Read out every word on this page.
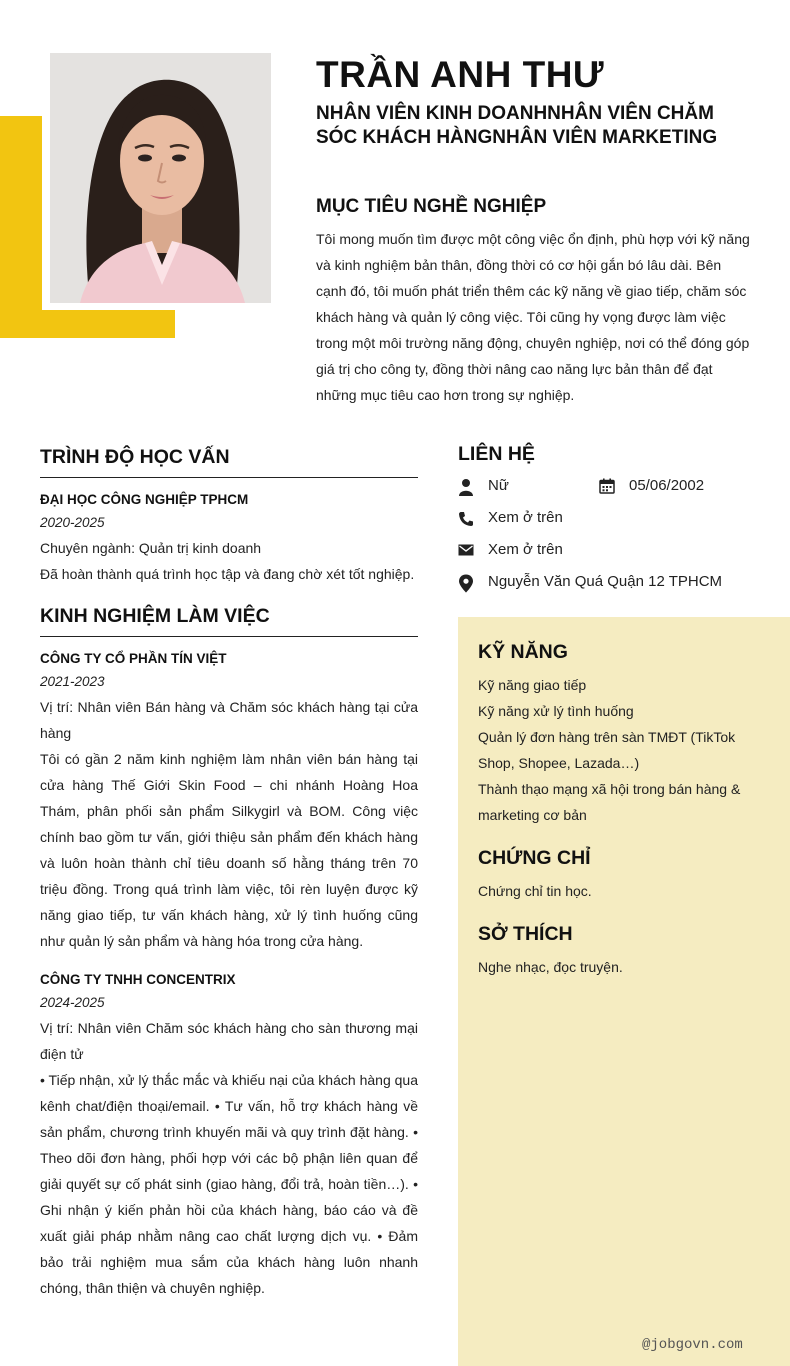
TRẦN ANH THƯ
NHÂN VIÊN KINH DOANHNHÂN VIÊN CHĂM SÓC KHÁCH HÀNGNHÂN VIÊN MARKETING
MỤC TIÊU NGHỀ NGHIỆP
Tôi mong muốn tìm được một công việc ổn định, phù hợp với kỹ năng và kinh nghiệm bản thân, đồng thời có cơ hội gắn bó lâu dài. Bên cạnh đó, tôi muốn phát triển thêm các kỹ năng về giao tiếp, chăm sóc khách hàng và quản lý công việc. Tôi cũng hy vọng được làm việc trong một môi trường năng động, chuyên nghiệp, nơi có thể đóng góp giá trị cho công ty, đồng thời nâng cao năng lực bản thân để đạt những mục tiêu cao hơn trong sự nghiệp.
TRÌNH ĐỘ HỌC VẤN
ĐẠI HỌC CÔNG NGHIỆP TPHCM
2020-2025
Chuyên ngành: Quản trị kinh doanh
Đã hoàn thành quá trình học tập và đang chờ xét tốt nghiệp.
KINH NGHIỆM LÀM VIỆC
CÔNG TY CỔ PHẦN TÍN VIỆT
2021-2023
Vị trí: Nhân viên Bán hàng và Chăm sóc khách hàng tại cửa hàng
Tôi có gần 2 năm kinh nghiệm làm nhân viên bán hàng tại cửa hàng Thế Giới Skin Food – chi nhánh Hoàng Hoa Thám, phân phối sản phẩm Silkygirl và BOM. Công việc chính bao gồm tư vấn, giới thiệu sản phẩm đến khách hàng và luôn hoàn thành chỉ tiêu doanh số hằng tháng trên 70 triệu đồng. Trong quá trình làm việc, tôi rèn luyện được kỹ năng giao tiếp, tư vấn khách hàng, xử lý tình huống cũng như quản lý sản phẩm và hàng hóa trong cửa hàng.
CÔNG TY TNHH CONCENTRIX
2024-2025
Vị trí: Nhân viên Chăm sóc khách hàng cho sàn thương mại điện tử
• Tiếp nhận, xử lý thắc mắc và khiếu nại của khách hàng qua kênh chat/điện thoại/email. • Tư vấn, hỗ trợ khách hàng về sản phẩm, chương trình khuyến mãi và quy trình đặt hàng. • Theo dõi đơn hàng, phối hợp với các bộ phận liên quan để giải quyết sự cố phát sinh (giao hàng, đổi trả, hoàn tiền…). • Ghi nhận ý kiến phản hồi của khách hàng, báo cáo và đề xuất giải pháp nhằm nâng cao chất lượng dịch vụ. • Đảm bảo trải nghiệm mua sắm của khách hàng luôn nhanh chóng, thân thiện và chuyên nghiệp.
LIÊN HỆ
Nữ	05/06/2002
Xem ở trên
Xem ở trên
Nguyễn Văn Quá Quận 12 TPHCM
KỸ NĂNG
Kỹ năng giao tiếp
Kỹ năng xử lý tình huống
Quản lý đơn hàng trên sàn TMĐT (TikTok Shop, Shopee, Lazada…)
Thành thạo mạng xã hội trong bán hàng & marketing cơ bản
CHỨNG CHỈ
Chứng chỉ tin học.
SỞ THÍCH
Nghe nhạc, đọc truyện.
@jobgovn.com
